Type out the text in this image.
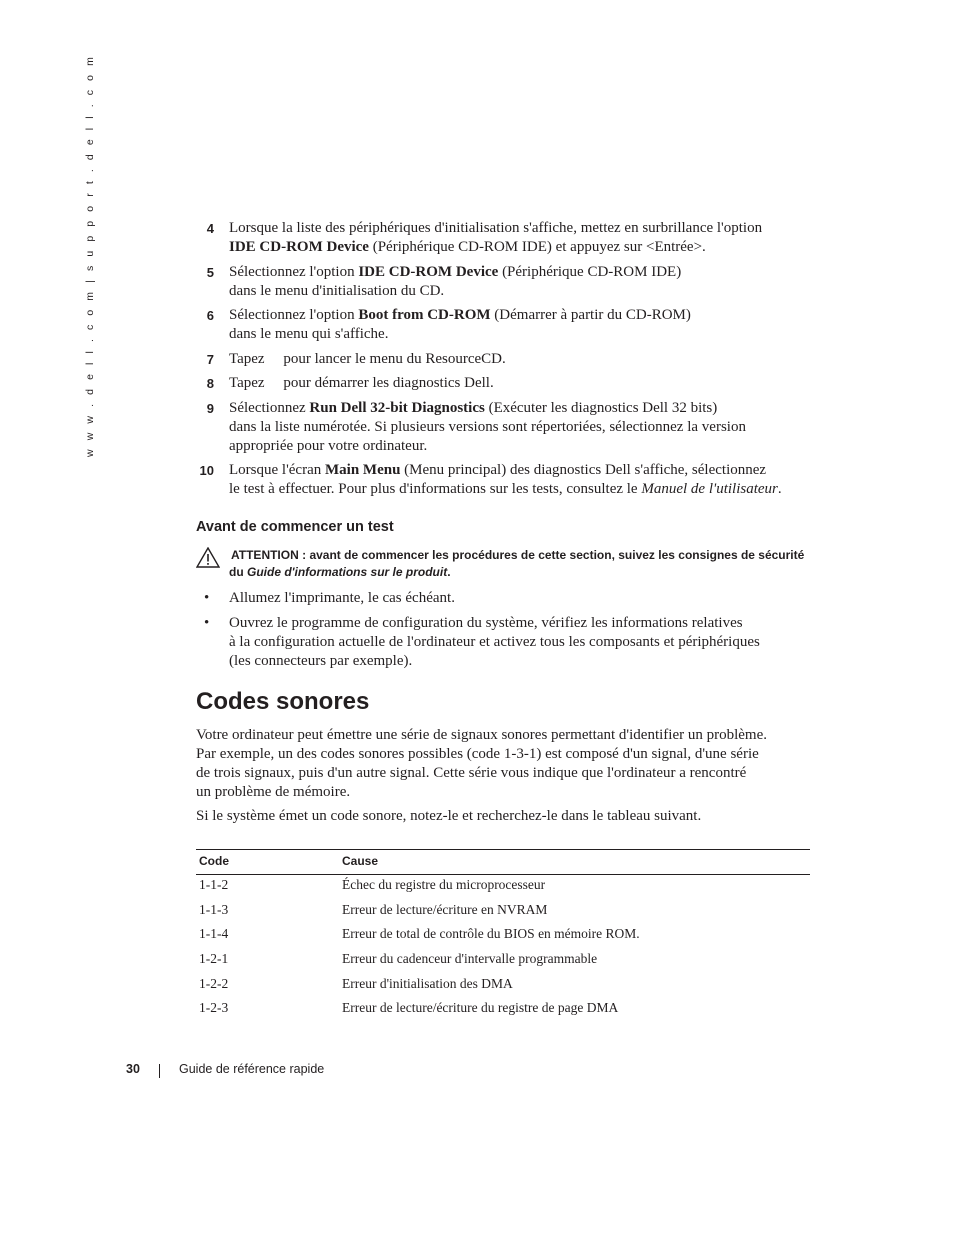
w w w . d e l l . c o m | s u p p o r t . d e l l . c o m	4 Lorsque la liste des périphériques d'initialisation s'affiche, mettez en surbrillance l'option
IDE CD-ROM Device (Périphérique CD-ROM IDE) et appuyez sur <Entrée>.
5 Sélectionnez l'option IDE CD-ROM Device (Périphérique CD-ROM IDE)
dans le menu d'initialisation du CD.
6 Sélectionnez l'option Boot from CD-ROM (Démarrer à partir du CD-ROM)
dans le menu qui s'affiche.
7 Tapez     pour lancer le menu du ResourceCD.
8 Tapez     pour démarrer les diagnostics Dell.
9 Sélectionnez Run Dell 32-bit Diagnostics (Exécuter les diagnostics Dell 32 bits)
dans la liste numérotée. Si plusieurs versions sont répertoriées, sélectionnez la version
appropriée pour votre ordinateur.
10 Lorsque l'écran Main Menu (Menu principal) des diagnostics Dell s'affiche, sélectionnez
le test à effectuer. Pour plus d'informations sur les tests, consultez le Manuel de l'utilisateur.
Avant de commencer un test
ATTENTION : avant de commencer les procédures de cette section, suivez les consignes de sécurité
du Guide d'informations sur le produit.
• Allumez l'imprimante, le cas échéant.
• Ouvrez le programme de configuration du système, vérifiez les informations relatives
à la configuration actuelle de l'ordinateur et activez tous les composants et périphériques
(les connecteurs par exemple).
Codes sonores
Votre ordinateur peut émettre une série de signaux sonores permettant d'identifier un problème.
Par exemple, un des codes sonores possibles (code 1-3-1) est composé d'un signal, d'une série
de trois signaux, puis d'un autre signal. Cette série vous indique que l'ordinateur a rencontré
un problème de mémoire.
Si le système émet un code sonore, notez-le et recherchez-le dans le tableau suivant.
Code	Cause
1-1-2	Échec du registre du microprocesseur
1-1-3	Erreur de lecture/écriture en NVRAM
1-1-4	Erreur de total de contrôle du BIOS en mémoire ROM.
1-2-1	Erreur du cadenceur d'intervalle programmable
1-2-2	Erreur d'initialisation des DMA
1-2-3	Erreur de lecture/écriture du registre de page DMA
30	Guide de référence rapide
